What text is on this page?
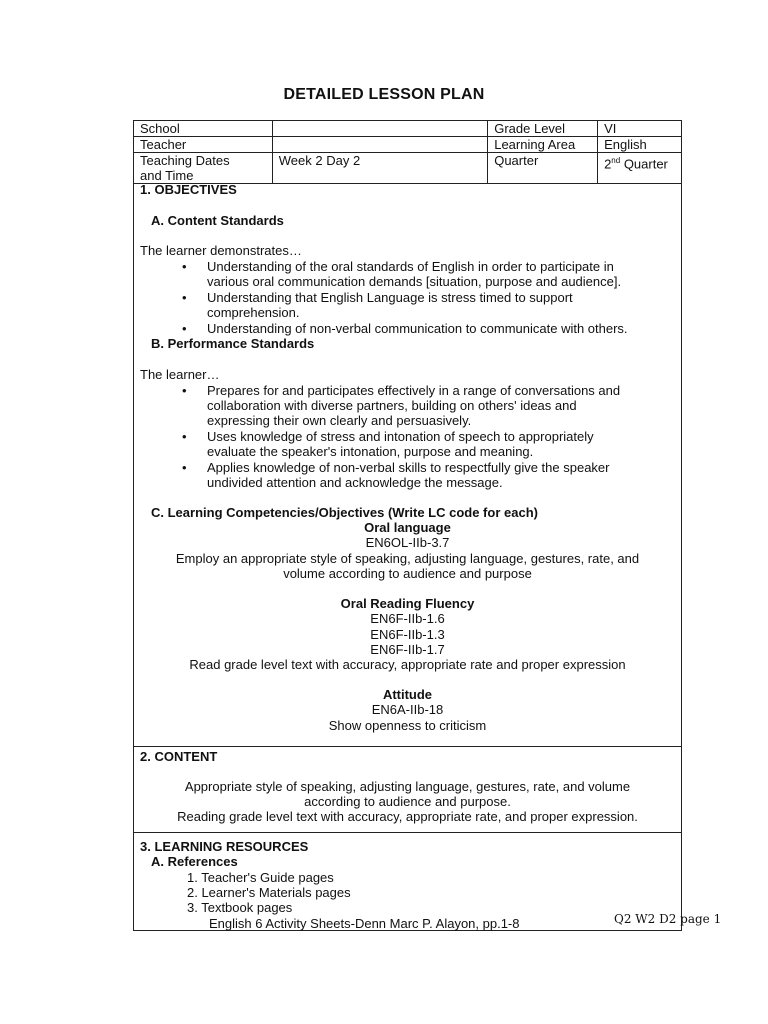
DETAILED LESSON PLAN
School		Grade Level	VI
Teacher		Learning Area	English
Teaching Dates
and Time	Week 2 Day 2	Quarter	2nd Quarter
1. OBJECTIVES
A. Content Standards
The learner demonstrates…
• Understanding of the oral standards of English in order to participate in
various oral communication demands [situation, purpose and audience].
• Understanding that English Language is stress timed to support
comprehension.
• Understanding of non-verbal communication to communicate with others.
B. Performance Standards
The learner…
• Prepares for and participates effectively in a range of conversations and
collaboration with diverse partners, building on others' ideas and
expressing their own clearly and persuasively.
• Uses knowledge of stress and intonation of speech to appropriately
evaluate the speaker's intonation, purpose and meaning.
• Applies knowledge of non-verbal skills to respectfully give the speaker
undivided attention and acknowledge the message.
C. Learning Competencies/Objectives (Write LC code for each)
Oral language
EN6OL-IIb-3.7
Employ an appropriate style of speaking, adjusting language, gestures, rate, and
volume according to audience and purpose
Oral Reading Fluency
EN6F-IIb-1.6
EN6F-IIb-1.3
EN6F-IIb-1.7
Read grade level text with accuracy, appropriate rate and proper expression
Attitude
EN6A-IIb-18
Show openness to criticism
2. CONTENT
Appropriate style of speaking, adjusting language, gestures, rate, and volume
according to audience and purpose.
Reading grade level text with accuracy, appropriate rate, and proper expression.
3. LEARNING RESOURCES
A. References
1. Teacher's Guide pages
2. Learner's Materials pages
3. Textbook pages
English 6 Activity Sheets-Denn Marc P. Alayon, pp.1-8	Q2 W2 D2 page 1
